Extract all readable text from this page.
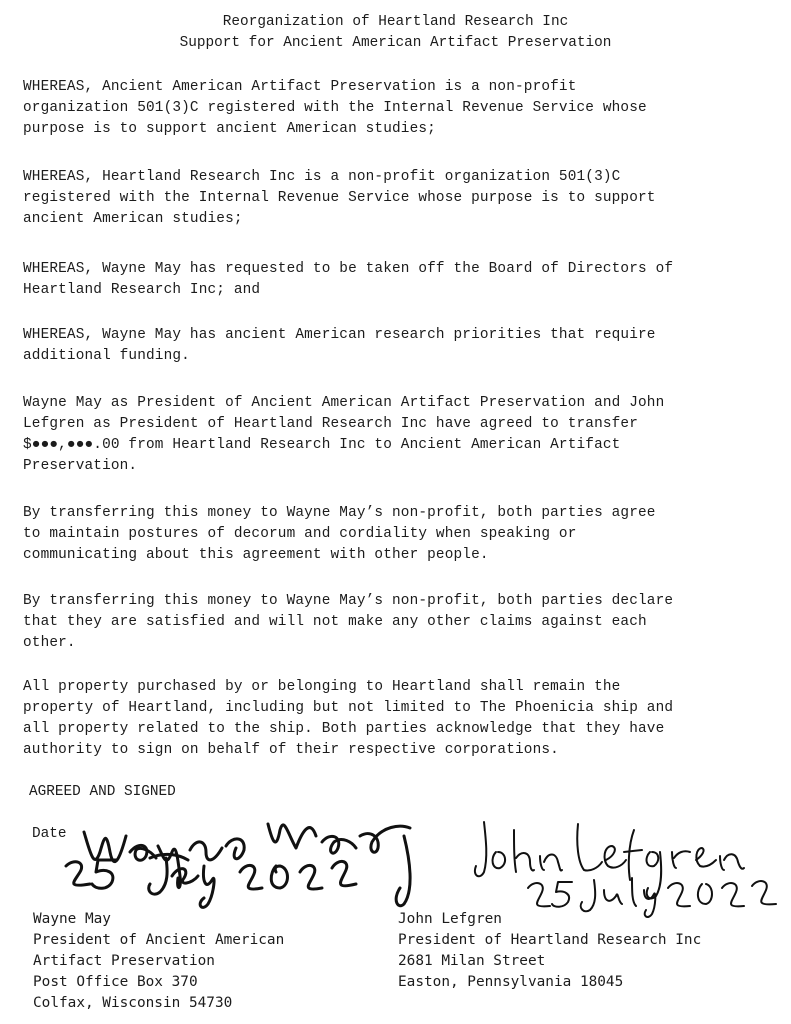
Reorganization of Heartland Research Inc
Support for Ancient American Artifact Preservation

WHEREAS, Ancient American Artifact Preservation is a non-profit
organization 501(3)C registered with the Internal Revenue Service whose
purpose is to support ancient American studies;

WHEREAS, Heartland Research Inc is a non-profit organization 501(3)C
registered with the Internal Revenue Service whose purpose is to support
ancient American studies;

WHEREAS, Wayne May has requested to be taken off the Board of Directors of
Heartland Research Inc; and

WHEREAS, Wayne May has ancient American research priorities that require
additional funding.

Wayne May as President of Ancient American Artifact Preservation and John
Lefgren as President of Heartland Research Inc have agreed to transfer
$●●●,●●●.00 from Heartland Research Inc to Ancient American Artifact
Preservation.

By transferring this money to Wayne May’s non-profit, both parties agree
to maintain postures of decorum and cordiality when speaking or
communicating about this agreement with other people.

By transferring this money to Wayne May’s non-profit, both parties declare
that they are satisfied and will not make any other claims against each
other.

All property purchased by or belonging to Heartland shall remain the
property of Heartland, including but not limited to The Phoenicia ship and
all property related to the ship. Both parties acknowledge that they have
authority to sign on behalf of their respective corporations.

AGREED AND SIGNED
Date
Wayne May
President of Ancient American
Artifact Preservation
Post Office Box 370
Colfax, Wisconsin 54730
John Lefgren
President of Heartland Research Inc
2681 Milan Street
Easton, Pennsylvania 18045
